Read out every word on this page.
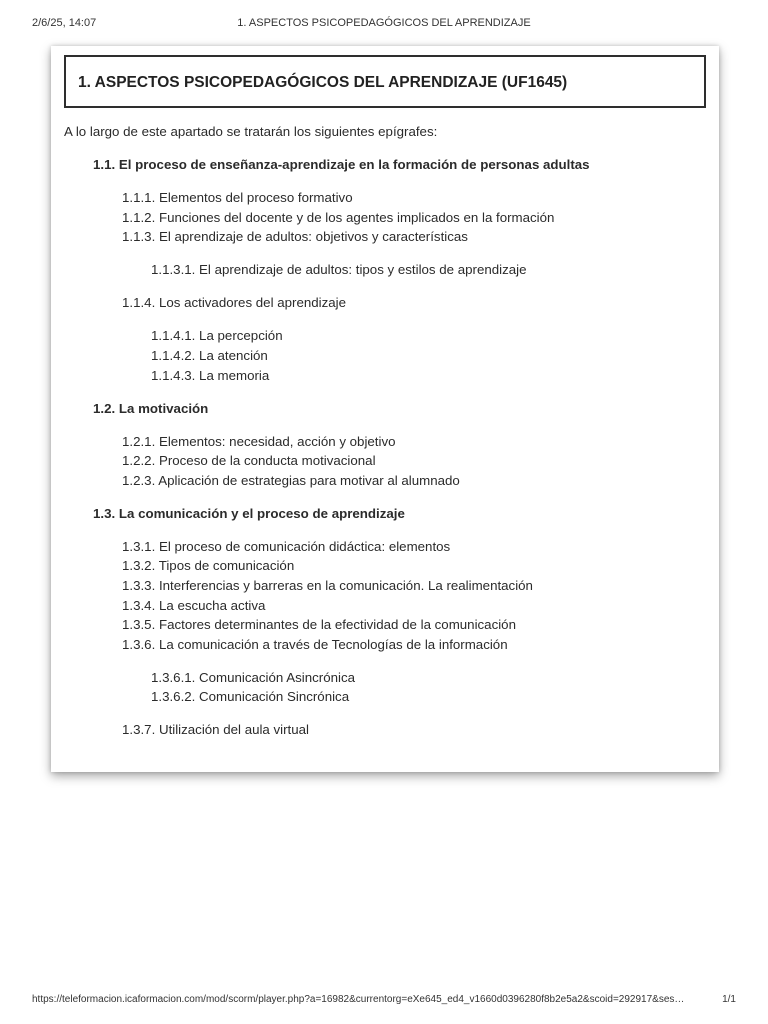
2/6/25, 14:07	1. ASPECTOS PSICOPEDAGÓGICOS DEL APRENDIZAJE
1. ASPECTOS PSICOPEDAGÓGICOS DEL APRENDIZAJE (UF1645)
A lo largo de este apartado se tratarán los siguientes epígrafes:
1.1. El proceso de enseñanza-aprendizaje en la formación de personas adultas
1.1.1. Elementos del proceso formativo
1.1.2. Funciones del docente y de los agentes implicados en la formación
1.1.3. El aprendizaje de adultos: objetivos y características
1.1.3.1. El aprendizaje de adultos: tipos y estilos de aprendizaje
1.1.4. Los activadores del aprendizaje
1.1.4.1. La percepción
1.1.4.2. La atención
1.1.4.3. La memoria
1.2. La motivación
1.2.1. Elementos: necesidad, acción y objetivo
1.2.2. Proceso de la conducta motivacional
1.2.3. Aplicación de estrategias para motivar al alumnado
1.3. La comunicación y el proceso de aprendizaje
1.3.1. El proceso de comunicación didáctica: elementos
1.3.2. Tipos de comunicación
1.3.3. Interferencias y barreras en la comunicación. La realimentación
1.3.4. La escucha activa
1.3.5. Factores determinantes de la efectividad de la comunicación
1.3.6. La comunicación a través de Tecnologías de la información
1.3.6.1. Comunicación Asincrónica
1.3.6.2. Comunicación Sincrónica
1.3.7. Utilización del aula virtual
https://teleformacion.icaformacion.com/mod/scorm/player.php?a=16982&currentorg=eXe645_ed4_v1660d0396280f8b2e5a2&scoid=292917&ses…	1/1
